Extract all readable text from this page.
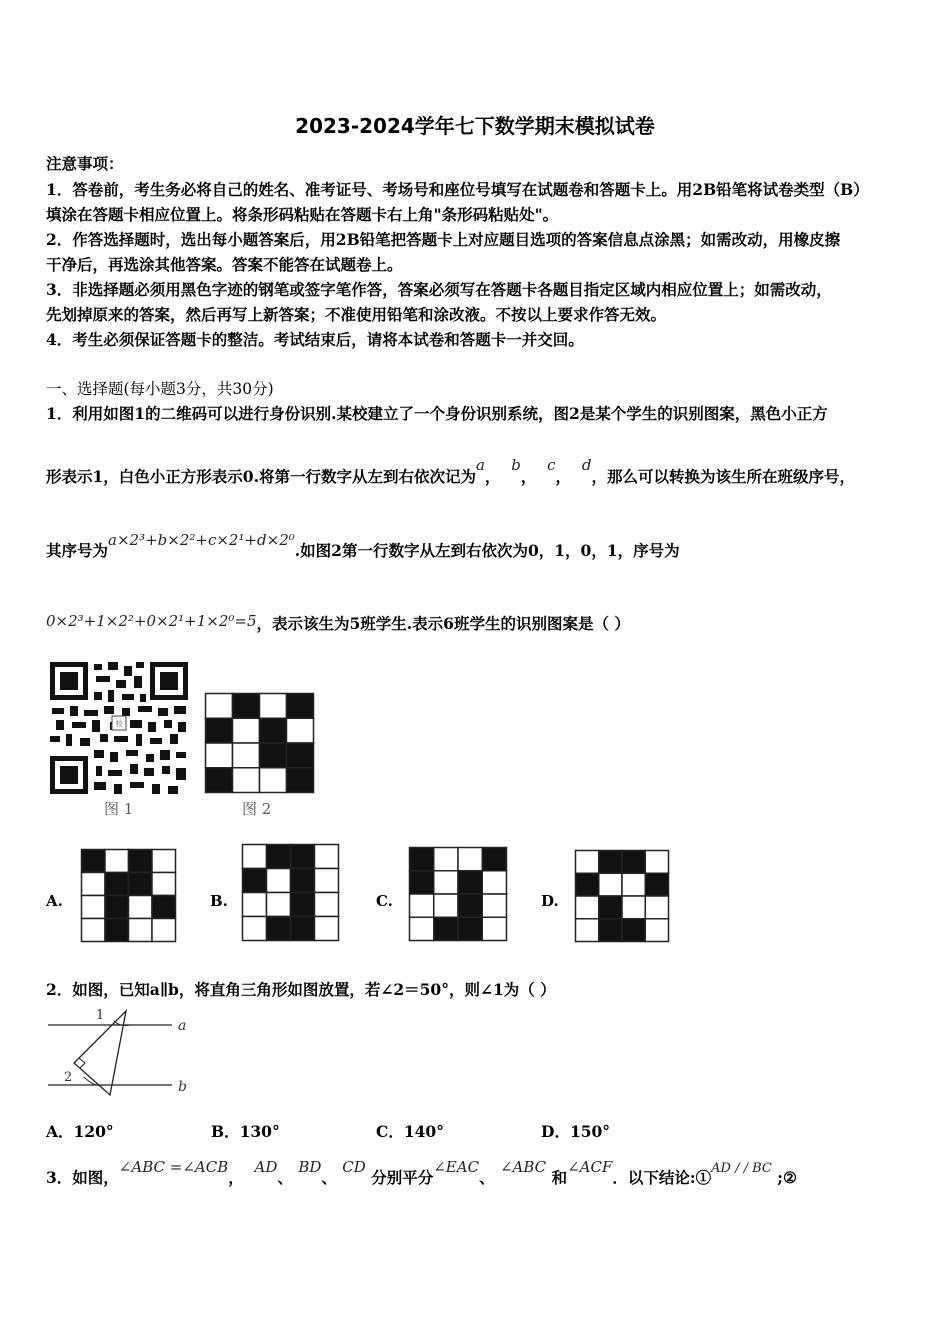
2023-2024学年七下数学期末模拟试卷
注意事项：
1．答卷前，考生务必将自己的姓名、准考证号、考场号和座位号填写在试题卷和答题卡上。用2B铅笔将试卷类型（B）
填涂在答题卡相应位置上。将条形码粘贴在答题卡右上角"条形码粘贴处"。
2．作答选择题时，选出每小题答案后，用2B铅笔把答题卡上对应题目选项的答案信息点涂黑；如需改动，用橡皮擦
干净后，再选涂其他答案。答案不能答在试题卷上。
3．非选择题必须用黑色字迹的钢笔或签字笔作答，答案必须写在答题卡各题目指定区域内相应位置上；如需改动，
先划掉原来的答案，然后再写上新答案；不准使用铅笔和涂改液。不按以上要求作答无效。
4．考生必须保证答题卡的整洁。考试结束后，请将本试卷和答题卡一并交回。
一、选择题(每小题3分，共30分)
1．利用如图1的二维码可以进行身份识别.某校建立了一个身份识别系统，图2是某个学生的识别图案，黑色小正方
形表示1，白色小正方形表示0.将第一行数字从左到右依次记为a，  b，  c，  d，那么可以转换为该生所在班级序号，
其序号为a×2³+b×2²+c×2¹+d×2⁰.如图2第一行数字从左到右依次为0，1，0，1，序号为
0×2³+1×2²+0×2¹+1×2⁰=5，表示该生为5班学生.表示6班学生的识别图案是（ ）
校
图 1	图 2
A.	B.	C.	D.
2．如图，已知a∥b，将直角三角形如图放置，若∠2＝50°，则∠1为（ ）
a
b
1
2
A．120°	B．130°	C．140°	D．150°
3．如图，∠ABC =∠ACB，  AD、 BD、 CD 分别平分∠EAC、 ∠ABC 和∠ACF．以下结论:①$^{AD / / BC}$ ;②
